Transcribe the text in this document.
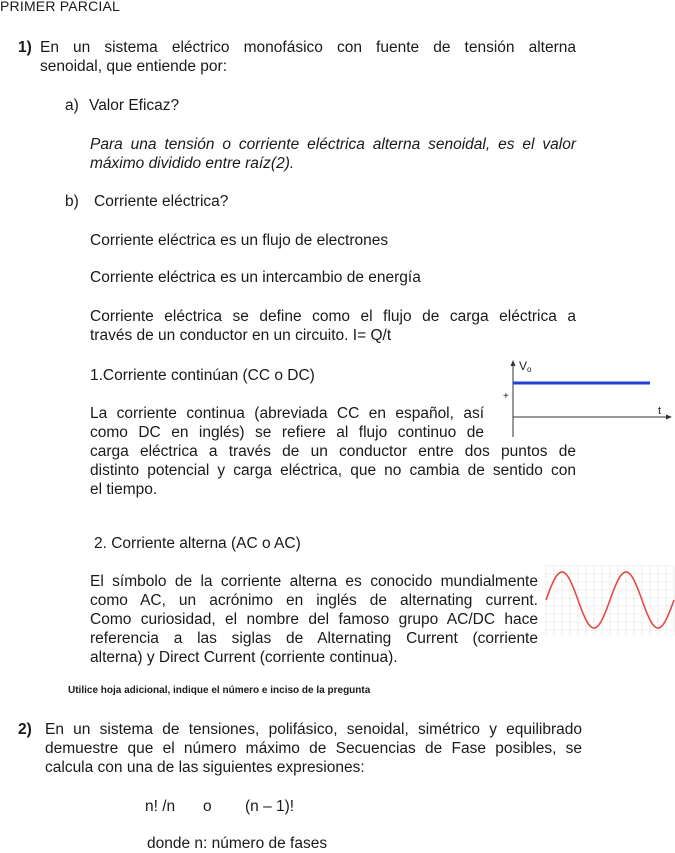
PRIMER PARCIAL
1) En un sistema eléctrico monofásico con fuente de tensión alterna
senoidal, que entiende por:
a) Valor Eficaz?
Para una tensión o corriente eléctrica alterna senoidal, es el valor
máximo dividido entre raíz(2).
b) Corriente eléctrica?
Corriente eléctrica es un flujo de electrones
Corriente eléctrica es un intercambio de energía
Corriente eléctrica se define como el flujo de carga eléctrica a
través de un conductor en un circuito. I= Q/t
1.Corriente continúan (CC o DC)
La corriente continua (abreviada CC en español, así
como DC en inglés) se refiere al flujo continuo de
carga eléctrica a través de un conductor entre dos puntos de
distinto potencial y carga eléctrica, que no cambia de sentido con
el tiempo.
Vo
+
t
2. Corriente alterna (AC o AC)
El símbolo de la corriente alterna es conocido mundialmente
como AC, un acrónimo en inglés de alternating current.
Como curiosidad, el nombre del famoso grupo AC/DC hace
referencia a las siglas de Alternating Current (corriente
alterna) y Direct Current (corriente continua).
Utilice hoja adicional, indique el número e inciso de la pregunta
2) En un sistema de tensiones, polifásico, senoidal, simétrico y equilibrado
demuestre que el número máximo de Secuencias de Fase posibles, se
calcula con una de las siguientes expresiones:
n! /n o (n – 1)!
donde n: número de fases
